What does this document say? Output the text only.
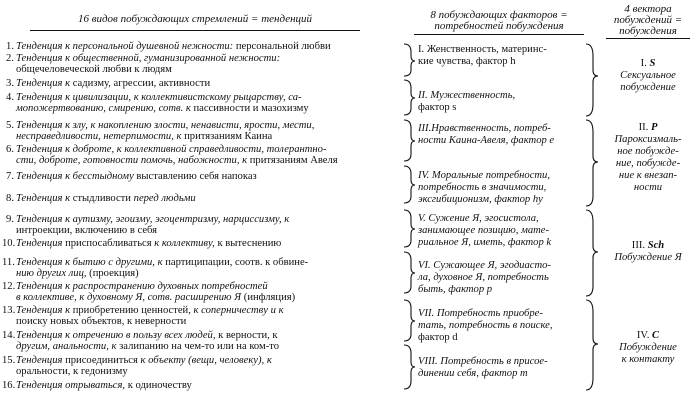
16 видов побуждающих стремлений = тенденций	8 побуждающих факторов =
потребностей побуждения
4 вектора
побуждений =
побуждения
1. Тенденция к персональной душевной нежности: персональной любви
2. Тенденция к общественной, гуманизированной нежности:
общечеловеческой любви к людям
3. Тенденция к садизму, агрессии, активности
4. Тенденция к цивилизации, к коллективистскому рыцарству, са-
мопожертвованию, смирению, сотв. к пассивности и мазохизму
5. Тенденция к злу, к накоплению злости, ненависти, ярости, мести,
несправедливости, нетерпимости, к притязаниям Каина
6. Тенденция к доброте, к коллективной справедливости, толерантно-
сти, доброте, готовности помочь, набожности, к притязаниям Авеля
7. Тенденция к бесстыдному выставлению себя напоказ
8. Тенденция к стыдливости перед людьми
9. Тенденция к аутизму, эгоизму, эгоцентризму, нарциссизму, к
интроекции, включению в себя
10.Тенденция приспосабливаться к коллективу, к вытеснению
11.Тенденция к бытию с другими, к партиципации, соотв. к обвине-
нию других лиц, (проекция)
12.Тенденция к распространению духовных потребностей
в коллективе, к духовному Я, сотв. расширению Я (инфляция)
13.Тенденция к приобретению ценностей, к соперничеству и к
поиску новых объектов, к неверности
14.Тенденция к отречению в пользу всех людей, к верности, к
другим, анальности, к залипанию на чем-то или на ком-то
15.Тенденция присоединиться к объекту (вещи, человеку), к
оральности, к гедонизму
16.Тенденция отрываться, к одиночеству
I. Женственность, материнс-
кие чувства, фактор h
II. Мужественность,
фактор s
III.Нравственность, потреб-
ности Каина-Авеля, фактор e
IV. Моральные потребности,
потребность в значимости,
эксгибиционизм, фактор hy
V. Сужение Я, эгосистола,
занимающее позицию, мате-
риальное Я, иметь, фактор k
VI. Сужающее Я, эгодиасто-
ла, духовное Я, потребность
быть, фактор p
VII. Потребность приобре-
тать, потребность в поиске,
фактор d
VIII. Потребность в присое-
динении себя, фактор m
I. S
Сексуальное
побуждение
II. P
Пароксизмаль-
ное побужде-
ние, побужде-
ние к внезап-
ности
III. Sch
Побуждение Я
IV. C
Побуждение
к контакту
